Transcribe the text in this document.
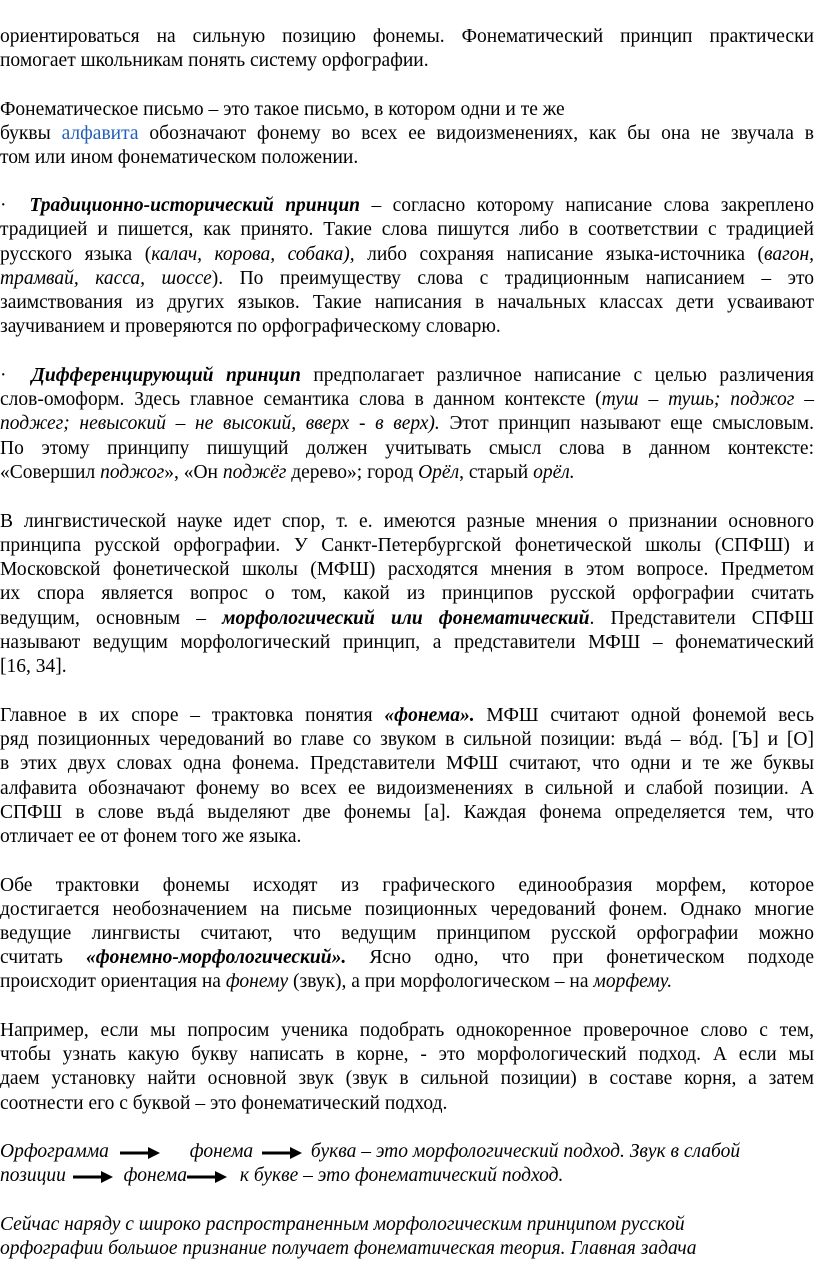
ориентироваться на сильную позицию фонемы. Фонематический принцип практически
помогает школьникам понять систему орфографии.
Фонематическое письмо – это такое письмо, в котором одни и те же
буквы алфавита обозначают фонему во всех ее видоизменениях, как бы она не звучала в
том или ином фонематическом положении.
· Традиционно-исторический принцип – согласно которому написание слова закреплено
традицией и пишется, как принято. Такие слова пишутся либо в соответствии с традицией
русского языка (калач, корова, собака), либо сохраняя написание языка-источника (вагон,
трамвай, касса, шоссе). По преимуществу слова с традиционным написанием – это
заимствования из других языков. Такие написания в начальных классах дети усваивают
заучиванием и проверяются по орфографическому словарю.
· Дифференцирующий принцип предполагает различное написание с целью различения
слов-омоформ. Здесь главное семантика слова в данном контексте (туш – тушь; поджог –
поджег; невысокий – не высокий, вверх - в верх). Этот принцип называют еще смысловым.
По этому принципу пишущий должен учитывать смысл слова в данном контексте:
«Совершил поджог», «Он поджёг дерево»; город Орёл, старый орёл.
В лингвистической науке идет спор, т. е. имеются разные мнения о признании основного
принципа русской орфографии. У Санкт-Петербургской фонетической школы (СПФШ) и
Московской фонетической школы (МФШ) расходятся мнения в этом вопросе. Предметом
их спора является вопрос о том, какой из принципов русской орфографии считать
ведущим, основным – морфологический или фонематический. Представители СПФШ
называют ведущим морфологический принцип, а представители МФШ – фонематический
[16, 34].
Главное в их споре – трактовка понятия «фонема». МФШ считают одной фонемой весь
ряд позиционных чередований во главе со звуком в сильной позиции: въдá – вóд. [Ъ] и [О]
в этих двух словах одна фонема. Представители МФШ считают, что одни и те же буквы
алфавита обозначают фонему во всех ее видоизменениях в сильной и слабой позиции. А
СПФШ в слове въдá выделяют две фонемы [а]. Каждая фонема определяется тем, что
отличает ее от фонем того же языка.
Обе трактовки фонемы исходят из графического единообразия морфем, которое
достигается необозначением на письме позиционных чередований фонем. Однако многие
ведущие лингвисты считают, что ведущим принципом русской орфографии можно
считать «фонемно-морфологический». Ясно одно, что при фонетическом подходе
происходит ориентация на фонему (звук), а при морфологическом – на морфему.
Например, если мы попросим ученика подобрать однокоренное проверочное слово с тем,
чтобы узнать какую букву написать в корне, - это морфологический подход. А если мы
даем установку найти основной звук (звук в сильной позиции) в составе корня, а затем
соотнести его с буквой – это фонематический подход.
Орфограмма	фонема	буква – это морфологический подход. Звук в слабой
позиции	фонема	к букве – это фонематический подход.
Сейчас наряду с широко распространенным морфологическим принципом русской
орфографии большое признание получает фонематическая теория. Главная задача
